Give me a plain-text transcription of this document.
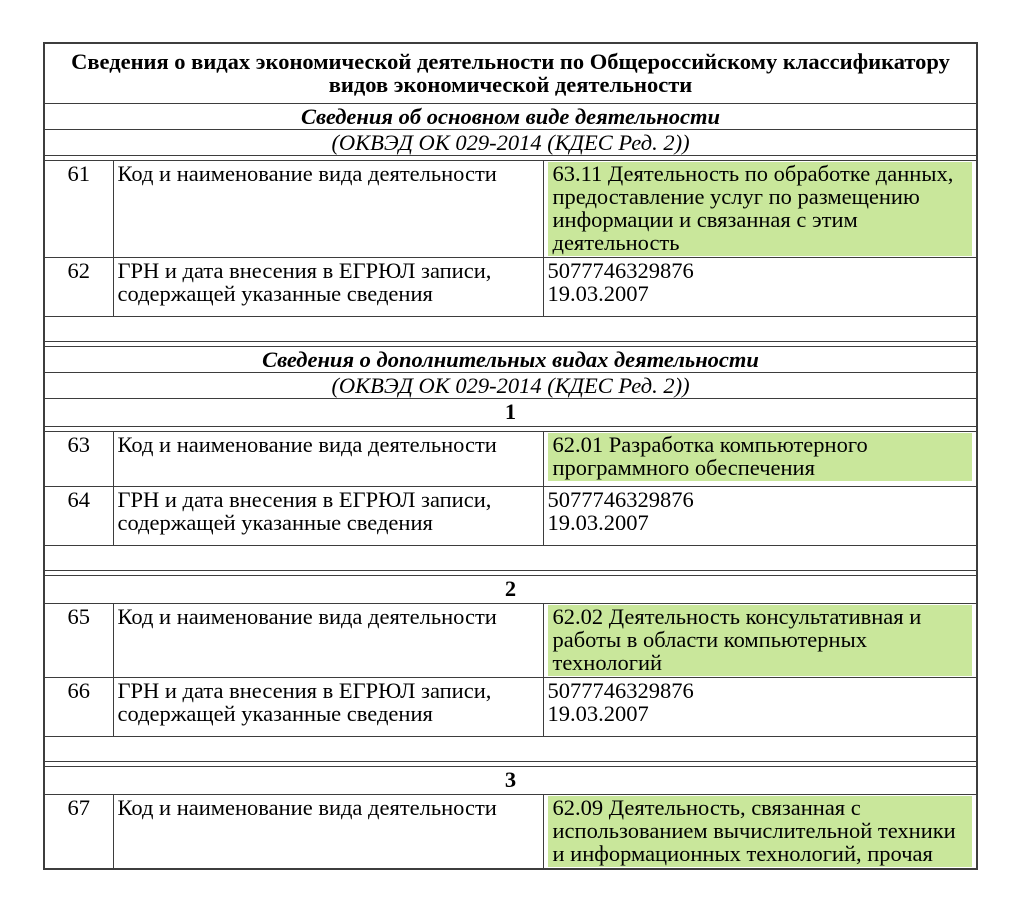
Сведения о видах экономической деятельности по Общероссийскому классификатору видов экономической деятельности		
Сведения об основном виде деятельности		
(ОКВЭД ОК 029-2014 (КДЕС Ред. 2))		

61	Код и наименование вида деятельности	63.11 Деятельность по обработке данных, предоставление услуг по размещению информации и связанная с этим деятельность

62	ГРН и дата внесения в ЕГРЮЛ записи, содержащей указанные сведения	5077746329876
19.03.2007

Сведения о дополнительных видах деятельности		
(ОКВЭД ОК 029-2014 (КДЕС Ред. 2))		
1		

63	Код и наименование вида деятельности	62.01 Разработка компьютерного программного обеспечения

64	ГРН и дата внесения в ЕГРЮЛ записи, содержащей указанные сведения	5077746329876
19.03.2007

2		
65	Код и наименование вида деятельности	62.02 Деятельность консультативная и работы в области компьютерных технологий

66	ГРН и дата внесения в ЕГРЮЛ записи, содержащей указанные сведения	5077746329876
19.03.2007

3		
67	Код и наименование вида деятельности	62.09 Деятельность, связанная с использованием вычислительной техники и информационных технологий, прочая
